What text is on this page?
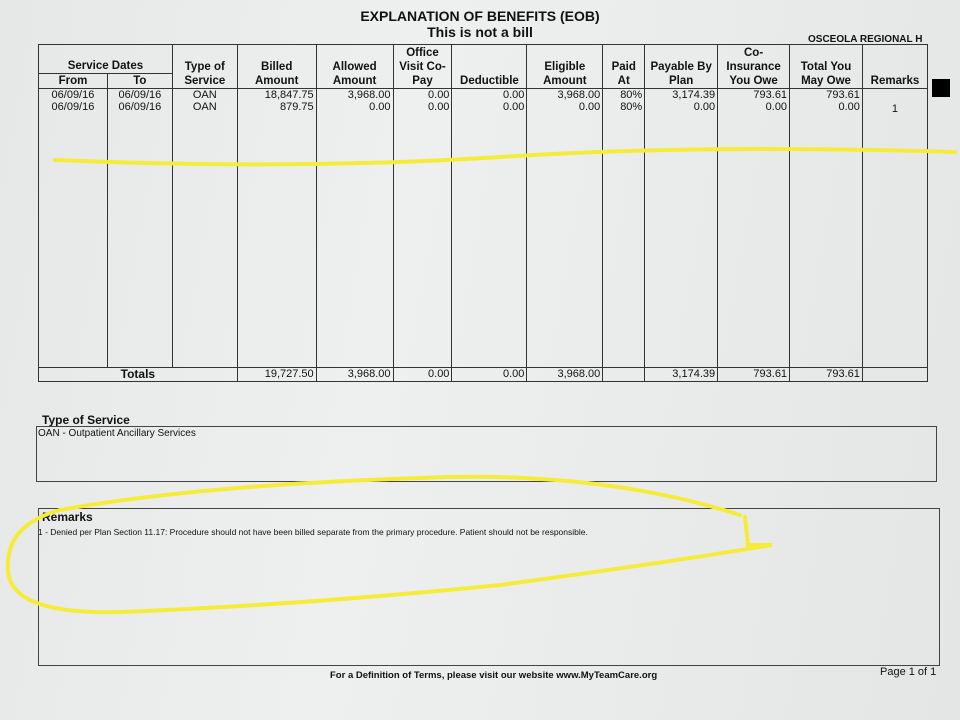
EXPLANATION OF BENEFITS (EOB)
This is not a bill	OSCEOLA REGIONAL H
Service Dates		Type of Service	Billed Amount	Allowed Amount	Office Visit Co-Pay	Deductible	Eligible Amount	Paid At	Payable By Plan	Co-Insurance You Owe	Total You May Owe	Remarks
From	To											
06/09/16	06/09/16	OAN	18,847.75	3,968.00	0.00	0.00	3,968.00	80%	3,174.39	793.61	793.61	
06/09/16	06/09/16	OAN	879.75	0.00	0.00	0.00	0.00	80%	0.00	0.00	0.00	1

Totals			19,727.50	3,968.00	0.00	0.00	3,968.00		3,174.39	793.61	793.61	
Type of Service
OAN - Outpatient Ancillary Services
Remarks
1 - Denied per Plan Section 11.17: Procedure should not have been billed separate from the primary procedure. Patient should not be responsible.
For a Definition of Terms, please visit our website www.MyTeamCare.org	Page 1 of 1
